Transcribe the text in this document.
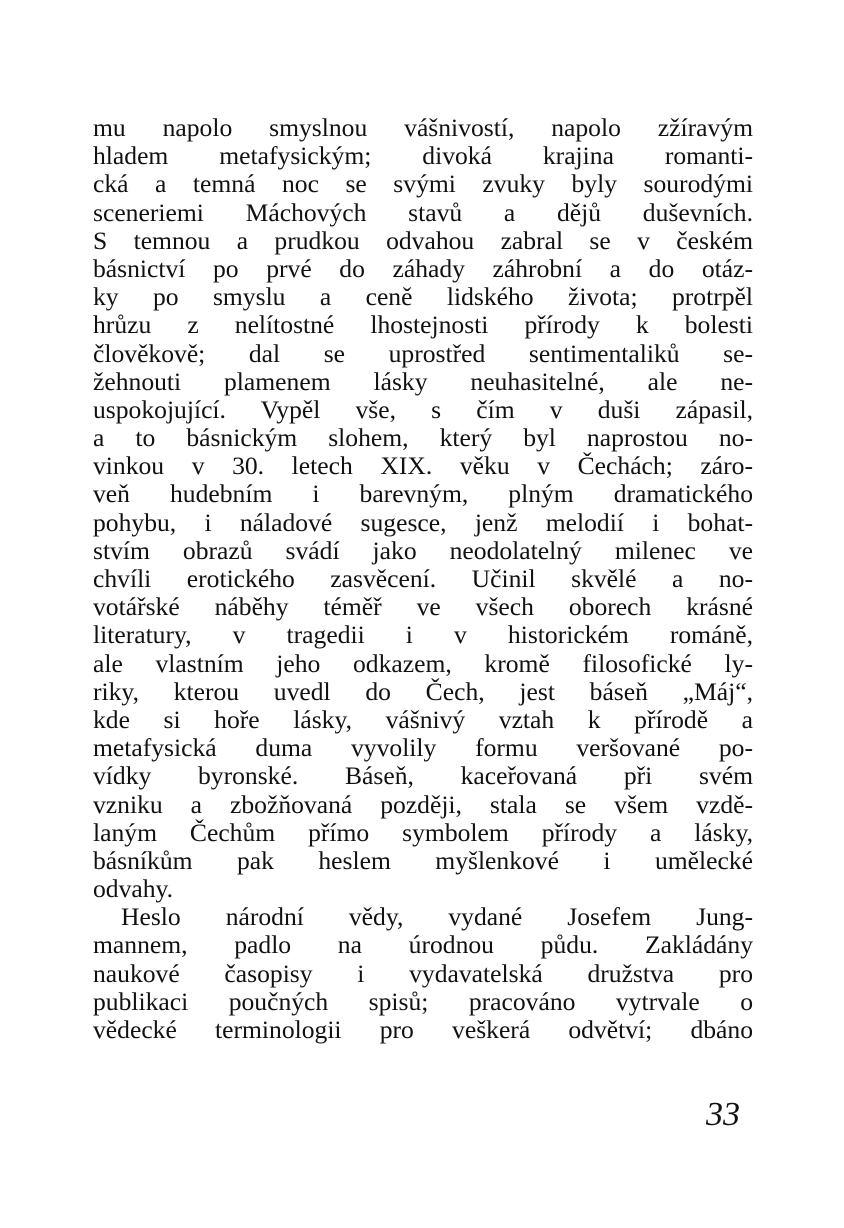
mu napolo smyslnou vášnivostí, napolo zžíravým
hladem metafysickým; divoká krajina romanti-
cká a temná noc se svými zvuky byly sourodými
sceneriemi Máchových stavů a dějů duševních.
S temnou a prudkou odvahou zabral se v českém
básnictví po prvé do záhady záhrobní a do otáz-
ky po smyslu a ceně lidského života; protrpěl
hrůzu z nelítostné lhostejnosti přírody k bolesti
člověkově; dal se uprostřed sentimentaliků se-
žehnouti plamenem lásky neuhasitelné, ale ne-
uspokojující. Vypěl vše, s čím v duši zápasil,
a to básnickým slohem, který byl naprostou no-
vinkou v 30. letech XIX. věku v Čechách; záro-
veň hudebním i barevným, plným dramatického
pohybu, i náladové sugesce, jenž melodií i bohat-
stvím obrazů svádí jako neodolatelný milenec ve
chvíli erotického zasvěcení. Učinil skvělé a no-
votářské náběhy téměř ve všech oborech krásné
literatury, v tragedii i v historickém románě,
ale vlastním jeho odkazem, kromě filosofické ly-
riky, kterou uvedl do Čech, jest báseň „Máj“,
kde si hoře lásky, vášnivý vztah k přírodě a
metafysická duma vyvolily formu veršované po-
vídky byronské. Báseň, kaceřovaná při svém
vzniku a zbožňovaná později, stala se všem vzdě-
laným Čechům přímo symbolem přírody a lásky,
básníkům pak heslem myšlenkové i umělecké
odvahy.
Heslo národní vědy, vydané Josefem Jung-
mannem, padlo na úrodnou půdu. Zakládány
naukové časopisy i vydavatelská družstva pro
publikaci poučných spisů; pracováno vytrvale o
vědecké terminologii pro veškerá odvětví; dbáno
33
